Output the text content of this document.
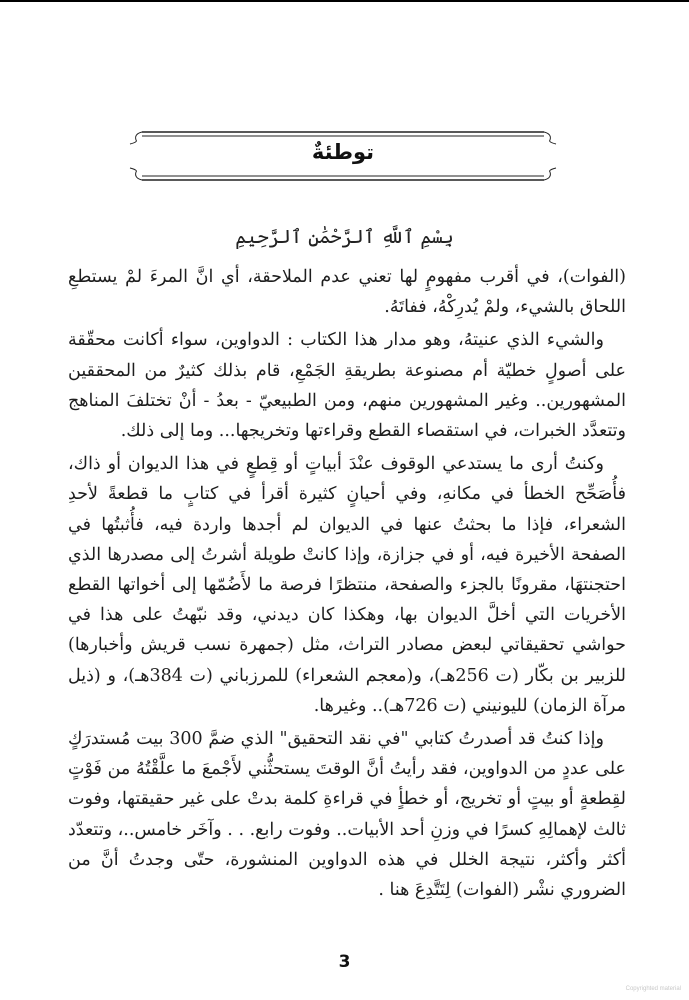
توطئةٌ
بِسْمِ ٱللَّهِ ٱلرَّحْمَٰنِ ٱلرَّحِيمِ

(الفوات)، في أقرب مفهومٍ لها تعني عدم الملاحقة، أي انَّ المرءَ لمْ يستطعِ اللحاق بالشيء، ولمْ يُدرِكْهُ، ففاتَهُ.

والشيء الذي عنيتهُ، وهو مدار هذا الكتاب : الدواوين، سواء أكانت محقّقة على أصولٍ خطيّة أم مصنوعة بطريقةِ الجَمْعِ، قام بذلك كثيرٌ من المحققين المشهورين.. وغير المشهورين منهم، ومن الطبيعيّ - بعدُ - أنْ تختلفَ المناهج وتتعدَّد الخبرات، في استقصاء القطع وقراءتها وتخريجها... وما إلى ذلك.

وكنتُ أرى ما يستدعي الوقوف عنْدَ أبياتٍ أو قِطعٍ في هذا الديوان أو ذاك، فأُصَحِّح الخطأ في مكانهِ، وفي أحيانٍ كثيرة أقرأ في كتابٍ ما قطعةً لأحدِ الشعراء، فإذا ما بحثتُ عنها في الديوان لم أجدها واردة فيه، فأُثبتُها في الصفحة الأخيرة فيه، أو في جزازة، وإذا كانتْ طويلة أشرتُ إلى مصدرها الذي احتجنتهَا، مقرونًا بالجزء والصفحة، منتظرًا فرصة ما لأَضُمّها إلى أخواتها القطع الأخريات التي أخلَّ الديوان بها، وهكذا كان ديدني، وقد نبّهتُ على هذا في حواشي تحقيقاتي لبعض مصادر التراث، مثل (جمهرة نسب قريش وأخبارها) للزبير بن بكّار (ت 256هـ)، و(معجم الشعراء) للمرزباني (ت 384هـ)، و (ذيل مرآة الزمان) لليونيني (ت 726هـ).. وغيرها.

وإذا كنتُ قد أصدرتُ كتابي "في نقد التحقيق" الذي ضمَّ 300 بيت مُستدرَكٍ على عددٍ من الدواوين، فقد رأيتُ أنَّ الوقتَ يستحثُّني لأَجْمعَ ما علَّقْتُهُ من فَوْتٍ لقِطعةٍ أو بيتٍ أو تخريج، أو خطأٍ في قراءةِ كلمة بدتْ على غير حقيقتها، وفوت ثالث لإهمالِهِ كسرًا في وزنِ أحد الأبيات.. وفوت رابع. . . وآخَر خامس..، وتتعدّد أكثر وأكثر، نتيجة الخلل في هذه الدواوين المنشورة، حتّى وجدتُ أنَّ من الضروري نشْر (الفوات) لِتَتَّدِعَ هنا .

3
Copyrighted material
